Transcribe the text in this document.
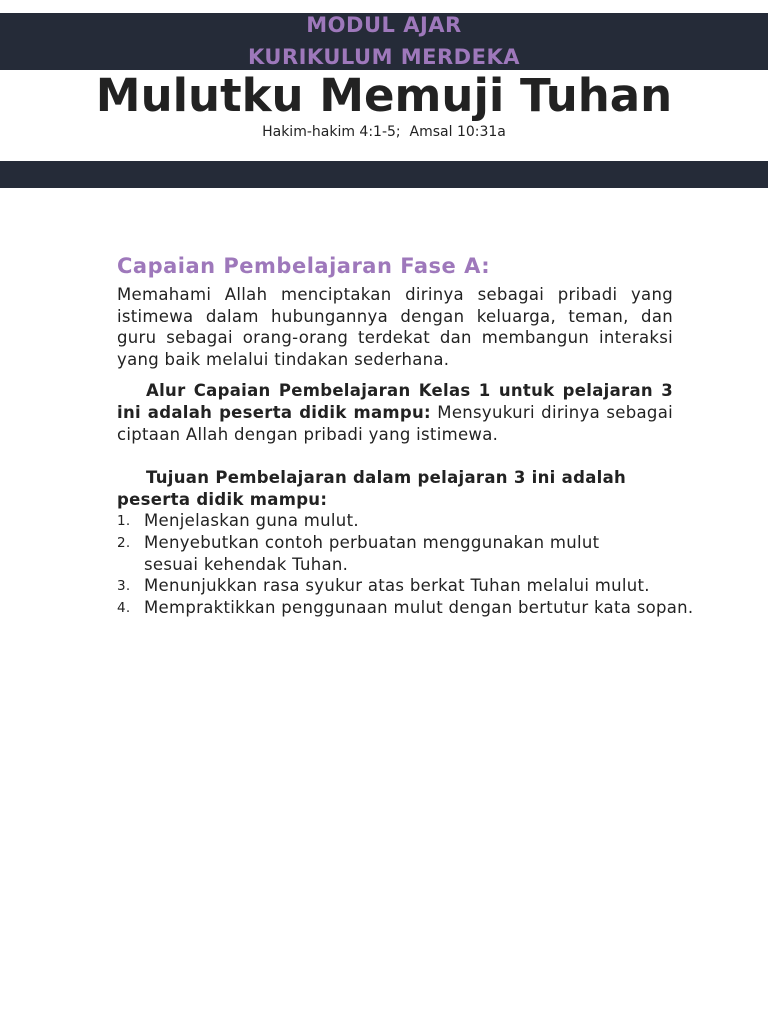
MODUL AJAR
KURIKULUM MERDEKA
Mulutku Memuji Tuhan
Hakim-hakim 4:1-5;  Amsal 10:31a
Capaian Pembelajaran Fase A:

Memahami Allah menciptakan dirinya sebagai pribadi yang istimewa dalam hubungannya dengan keluarga, teman, dan guru sebagai orang-orang terdekat dan membangun interaksi yang baik melalui tindakan sederhana.

Alur Capaian Pembelajaran Kelas 1 untuk pelajaran 3 ini adalah peserta didik mampu: Mensyukuri dirinya sebagai ciptaan Allah dengan pribadi yang istimewa.

Tujuan Pembelajaran dalam pelajaran 3 ini adalah peserta didik mampu:

1. Menjelaskan guna mulut.
2. Menyebutkan contoh perbuatan menggunakan mulut sesuai kehendak Tuhan.
3. Menunjukkan rasa syukur atas berkat Tuhan melalui mulut.
4. Mempraktikkan penggunaan mulut dengan bertutur kata sopan.
